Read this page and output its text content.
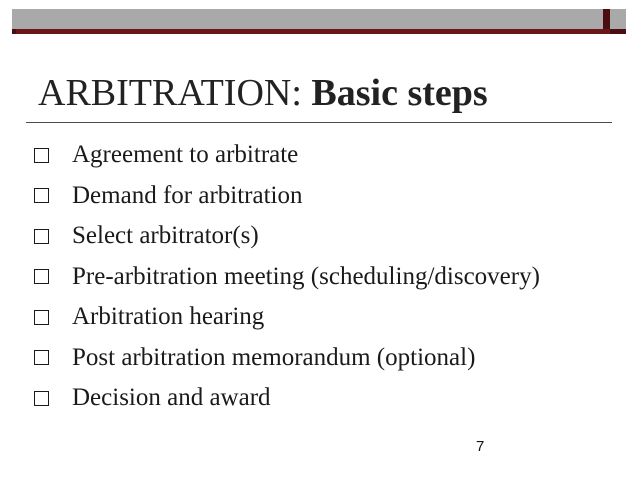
ARBITRATION: Basic steps
Agreement to arbitrate
Demand for arbitration
Select arbitrator(s)
Pre-arbitration meeting (scheduling/discovery)
Arbitration hearing
Post arbitration memorandum (optional)
Decision and award
7
